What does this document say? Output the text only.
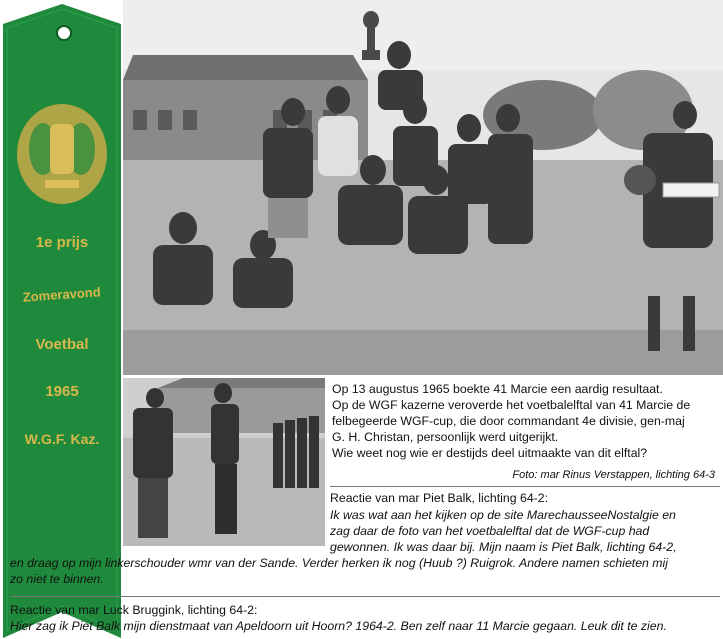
1e prijs
Zomeravond
Voetbal
1965
W.G.F. Kaz.
Op 13 augustus 1965 boekte 41 Marcie een aardig resultaat.
Op de WGF kazerne veroverde het voetbalelftal van 41 Marcie de
felbegeerde WGF-cup, die door commandant 4e divisie, gen-maj
G. H. Christan, persoonlijk werd uitgerijkt.
Wie weet nog wie er destijds deel uitmaakte van dit elftal?
Foto: mar Rinus Verstappen, lichting 64-3
Reactie van mar Piet Balk, lichting 64-2:
Ik was wat aan het kijken op de site MarechausseeNostalgie en
zag daar de foto van het voetbalelftal dat de WGF-cup had
gewonnen. Ik was daar bij. Mijn naam is Piet Balk, lichting 64-2,
en draag op mijn linkerschouder wmr van der Sande. Verder herken ik nog (Huub ?) Ruigrok. Andere namen schieten mij
zo niet te binnen.
Reactie van mar Luck Bruggink, lichting 64-2:
Hier zag ik Piet Balk mijn dienstmaat van Apeldoorn uit Hoorn? 1964-2. Ben zelf naar 11 Marcie gegaan. Leuk dit te zien.
